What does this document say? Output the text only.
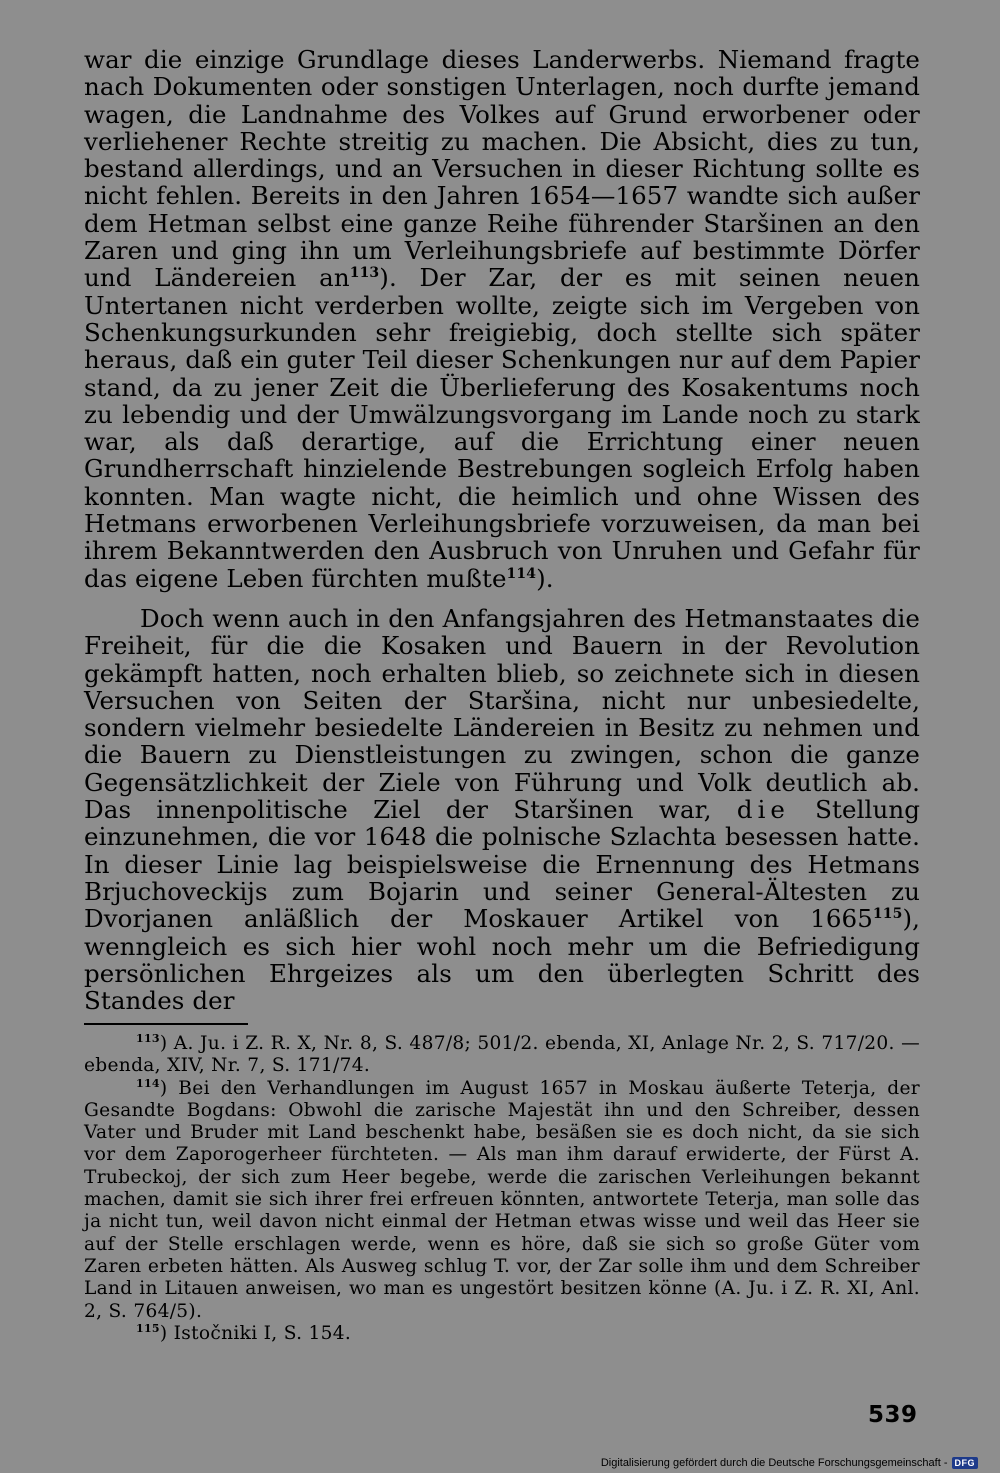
war die einzige Grundlage dieses Landerwerbs. Niemand fragte nach Dokumenten oder sonstigen Unterlagen, noch durfte jemand wagen, die Landnahme des Volkes auf Grund erworbener oder verliehener Rechte streitig zu machen. Die Absicht, dies zu tun, bestand allerdings, und an Versuchen in dieser Richtung sollte es nicht fehlen. Bereits in den Jahren 1654—1657 wandte sich außer dem Hetman selbst eine ganze Reihe führender Staršinen an den Zaren und ging ihn um Verleihungsbriefe auf bestimmte Dörfer und Ländereien $an^{113}$). Der Zar, der es mit seinen neuen Untertanen nicht verderben wollte, zeigte sich im Vergeben von Schenkungsurkunden sehr freigiebig, doch stellte sich später heraus, daß ein guter Teil dieser Schenkungen nur auf dem Papier stand, da zu jener Zeit die Überlieferung des Kosakentums noch zu lebendig und der Umwälzungsvorgang im Lande noch zu stark war, als daß derartige, auf die Errichtung einer neuen Grundherrschaft hinzielende Bestrebungen sogleich Erfolg haben konnten. Man wagte nicht, die heimlich und ohne Wissen des Hetmans erworbenen Verleihungsbriefe vorzuweisen, da man bei ihrem Bekanntwerden den Ausbruch von Unruhen und Gefahr für das eigene Leben fürchten mußte$^{114}$).

Doch wenn auch in den Anfangsjahren des Hetmanstaates die Freiheit, für die die Kosaken und Bauern in der Revolution gekämpft hatten, noch erhalten blieb, so zeichnete sich in diesen Versuchen von Seiten der Staršina, nicht nur unbesiedelte, sondern vielmehr besiedelte Ländereien in Besitz zu nehmen und die Bauern zu Dienstleistungen zu zwingen, schon die ganze Gegensätzlichkeit der Ziele von Führung und Volk deutlich ab. Das innenpolitische Ziel der Staršinen war, die Stellung einzunehmen, die vor 1648 die polnische Szlachta besessen hatte. In dieser Linie lag beispielsweise die Ernennung des Hetmans Brjuchoveckijs zum Bojarin und seiner General-Ältesten zu Dvorjanen anläßlich der Moskauer Artikel von 1665$^{115}$), wenngleich es sich hier wohl noch mehr um die Befriedigung persönlichen Ehrgeizes als um den überlegten Schritt des Standes der

$^{113}$) A. Ju. i Z. R. X, Nr. 8, S. 487/8; 501/2. ebenda, XI, Anlage Nr. 2, S. 717/20. — ebenda, XIV, Nr. 7, S. 171/74.

$^{114}$) Bei den Verhandlungen im August 1657 in Moskau äußerte Teterja, der Gesandte Bogdans: Obwohl die zarische Majestät ihn und den Schreiber, dessen Vater und Bruder mit Land beschenkt habe, besäßen sie es doch nicht, da sie sich vor dem Zaporogerheer fürchteten. — Als man ihm darauf erwiderte, der Fürst A. Trubeckoj, der sich zum Heer begebe, werde die zarischen Verleihungen bekannt machen, damit sie sich ihrer frei erfreuen könnten, antwortete Teterja, man solle das ja nicht tun, weil davon nicht einmal der Hetman etwas wisse und weil das Heer sie auf der Stelle erschlagen werde, wenn es höre, daß sie sich so große Güter vom Zaren erbeten hätten. Als Ausweg schlug T. vor, der Zar solle ihm und dem Schreiber Land in Litauen anweisen, wo man es ungestört besitzen könne (A. Ju. i Z. R. XI, Anl. 2, S. 764/5).

$^{115}$) Istočniki I, S. 154.

539
Digitalisierung gefördert durch die Deutsche Forschungsgemeinschaft - DFG
